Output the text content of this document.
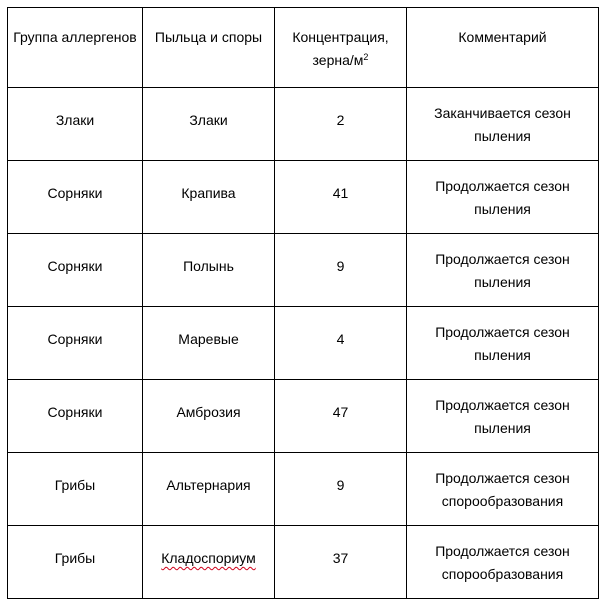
Группа аллергенов	Пыльца и споры	Концентрация, зерна/$м^2$	Комментарий
Злаки	Злаки	2	Заканчивается сезон пыления
Сорняки	Крапива	41	Продолжается сезон пыления
Сорняки	Полынь	9	Продолжается сезон пыления
Сорняки	Маревые	4	Продолжается сезон пыления
Сорняки	Амброзия	47	Продолжается сезон пыления
Грибы	Альтернария	9	Продолжается сезон спорообразования
Грибы	Кладоспориум	37	Продолжается сезон спорообразования
